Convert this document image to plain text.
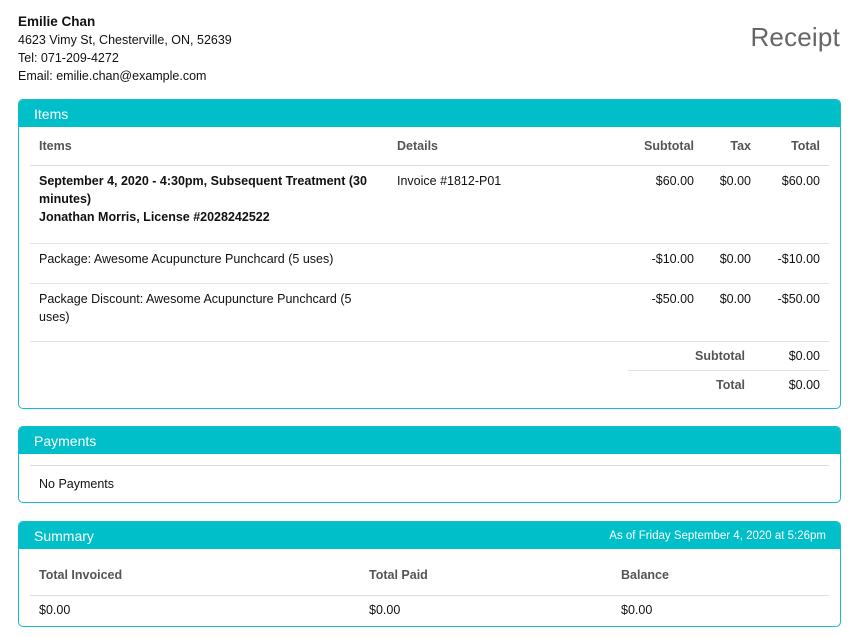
Emilie Chan
4623 Vimy St, Chesterville, ON, 52639
Tel: 071-209-4272
Email: emilie.chan@example.com
Receipt
Items
Items	Details	Subtotal	Tax	Total

September 4, 2020 - 4:30pm, Subsequent Treatment (30 minutes)
Jonathan Morris, License #2028242522	Invoice #1812-P01	$60.00	$0.00	$60.00
Package: Awesome Acupuncture Punchcard (5 uses)		-$10.00	$0.00	-$10.00
Package Discount: Awesome Acupuncture Punchcard (5 uses)		-$50.00	$0.00	-$50.00
Subtotal	$0.00
Total	$0.00
Payments
No Payments
Summary	As of Friday September 4, 2020 at 5:26pm
Total Invoiced	Total Paid	Balance
$0.00	$0.00	$0.00
